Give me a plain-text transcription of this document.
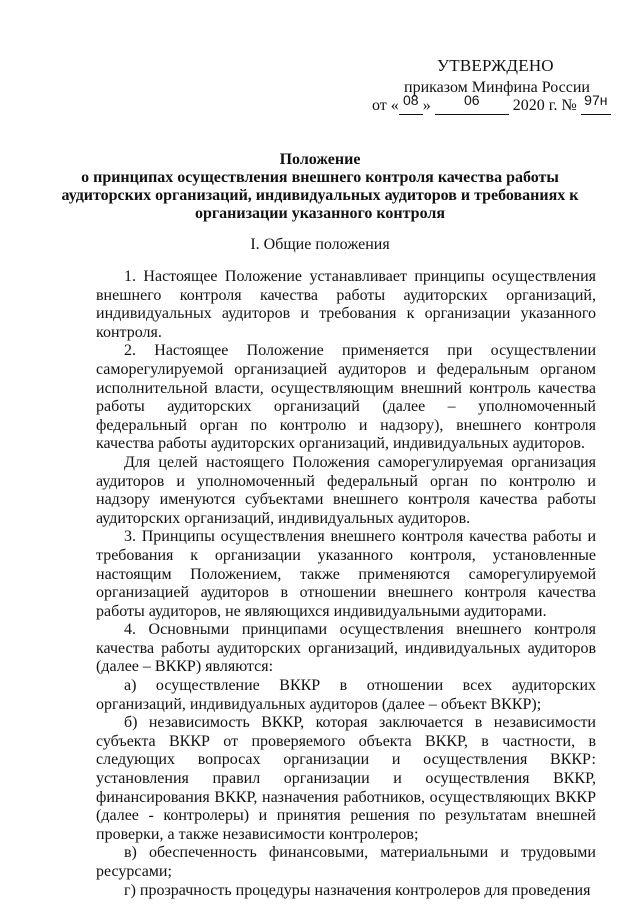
УТВЕРЖДЕНО
приказом Минфина России
от « 08 » 06 2020 г. № 97н
Положение
о принципах осуществления внешнего контроля качества работы
аудиторских организаций, индивидуальных аудиторов и требованиях к
организации указанного контроля
I. Общие положения

1. Настоящее Положение устанавливает принципы осуществления внешнего контроля качества работы аудиторских организаций, индивидуальных аудиторов и требования к организации указанного контроля.

2. Настоящее Положение применяется при осуществлении саморегулируемой организацией аудиторов и федеральным органом исполнительной власти, осуществляющим внешний контроль качества работы аудиторских организаций (далее – уполномоченный федеральный орган по контролю и надзору), внешнего контроля качества работы аудиторских организаций, индивидуальных аудиторов.

Для целей настоящего Положения саморегулируемая организация аудиторов и уполномоченный федеральный орган по контролю и надзору именуются субъектами внешнего контроля качества работы аудиторских организаций, индивидуальных аудиторов.

3. Принципы осуществления внешнего контроля качества работы и требования к организации указанного контроля, установленные настоящим Положением, также применяются саморегулируемой организацией аудиторов в отношении внешнего контроля качества работы аудиторов, не являющихся индивидуальными аудиторами.

4. Основными принципами осуществления внешнего контроля качества работы аудиторских организаций, индивидуальных аудиторов (далее – ВККР) являются:

а) осуществление ВККР в отношении всех аудиторских организаций, индивидуальных аудиторов (далее – объект ВККР);

б) независимость ВККР, которая заключается в независимости субъекта ВККР от проверяемого объекта ВККР, в частности, в следующих вопросах организации и осуществления ВККР: установления правил организации и осуществления ВККР, финансирования ВККР, назначения работников, осуществляющих ВККР (далее - контролеры) и принятия решения по результатам внешней проверки, а также независимости контролеров;

в) обеспеченность финансовыми, материальными и трудовыми ресурсами;

г) прозрачность процедуры назначения контролеров для проведения
